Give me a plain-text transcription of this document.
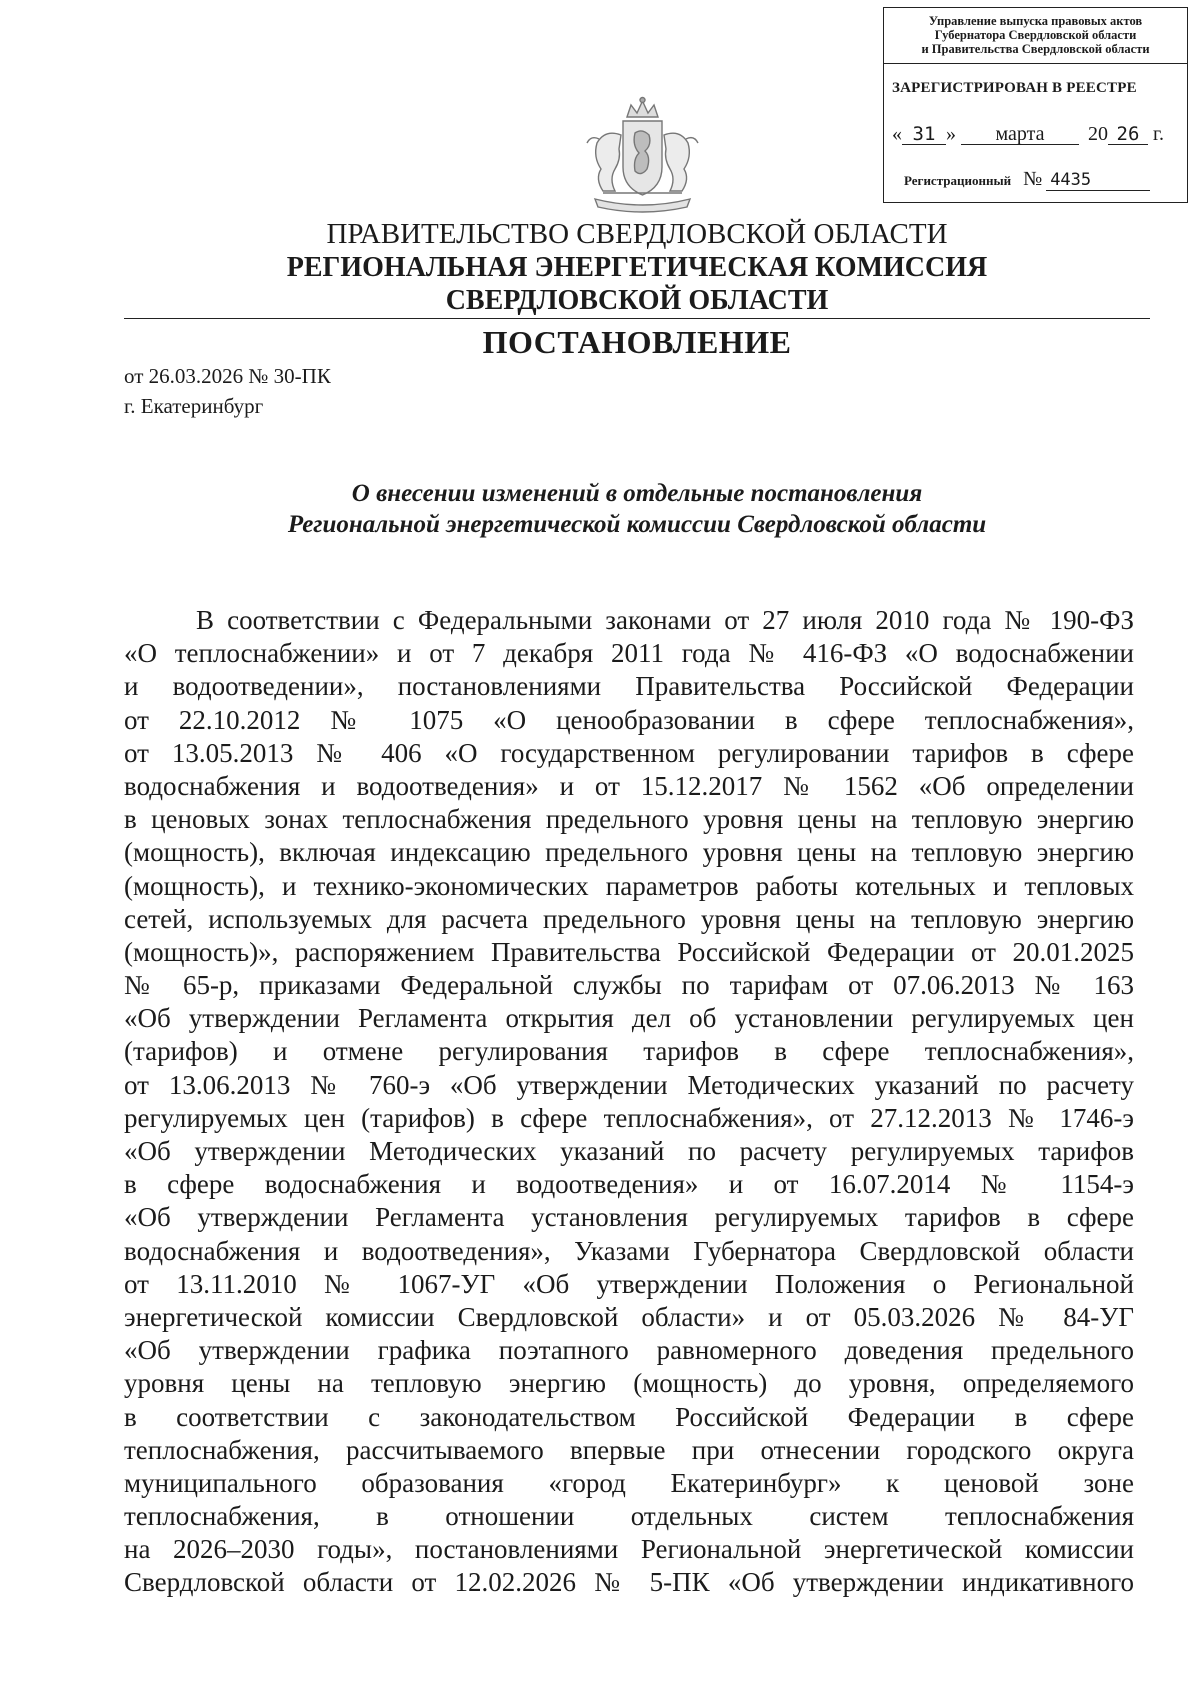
Управление выпуска правовых актов
Губернатора Свердловской области
и Правительства Свердловской области
ЗАРЕГИСТРИРОВАН В РЕЕСТРЕ
« 31 » марта 20 26 г.
Регистрационный № 4435
ПРАВИТЕЛЬСТВО СВЕРДЛОВСКОЙ ОБЛАСТИ
РЕГИОНАЛЬНАЯ ЭНЕРГЕТИЧЕСКАЯ КОМИССИЯ
СВЕРДЛОВСКОЙ ОБЛАСТИ
ПОСТАНОВЛЕНИЕ
от 26.03.2026 № 30-ПК
г. Екатеринбург
О внесении изменений в отдельные постановления
Региональной энергетической комиссии Свердловской области
В соответствии с Федеральными законами от 27 июля 2010 года № 190-ФЗ
«О теплоснабжении» и от 7 декабря 2011 года № 416-ФЗ «О водоснабжении
и водоотведении», постановлениями Правительства Российской Федерации
от 22.10.2012 № 1075 «О ценообразовании в сфере теплоснабжения»,
от 13.05.2013 № 406 «О государственном регулировании тарифов в сфере
водоснабжения и водоотведения» и от 15.12.2017 № 1562 «Об определении
в ценовых зонах теплоснабжения предельного уровня цены на тепловую энергию
(мощность), включая индексацию предельного уровня цены на тепловую энергию
(мощность), и технико-экономических параметров работы котельных и тепловых
сетей, используемых для расчета предельного уровня цены на тепловую энергию
(мощность)», распоряжением Правительства Российской Федерации от 20.01.2025
№ 65-р, приказами Федеральной службы по тарифам от 07.06.2013 № 163
«Об утверждении Регламента открытия дел об установлении регулируемых цен
(тарифов) и отмене регулирования тарифов в сфере теплоснабжения»,
от 13.06.2013 № 760-э «Об утверждении Методических указаний по расчету
регулируемых цен (тарифов) в сфере теплоснабжения», от 27.12.2013 № 1746-э
«Об утверждении Методических указаний по расчету регулируемых тарифов
в сфере водоснабжения и водоотведения» и от 16.07.2014 № 1154-э
«Об утверждении Регламента установления регулируемых тарифов в сфере
водоснабжения и водоотведения», Указами Губернатора Свердловской области
от 13.11.2010 № 1067-УГ «Об утверждении Положения о Региональной
энергетической комиссии Свердловской области» и от 05.03.2026 № 84-УГ
«Об утверждении графика поэтапного равномерного доведения предельного
уровня цены на тепловую энергию (мощность) до уровня, определяемого
в соответствии с законодательством Российской Федерации в сфере
теплоснабжения, рассчитываемого впервые при отнесении городского округа
муниципального образования «город Екатеринбург» к ценовой зоне
теплоснабжения, в отношении отдельных систем теплоснабжения
на 2026–2030 годы», постановлениями Региональной энергетической комиссии
Свердловской области от 12.02.2026 № 5-ПК «Об утверждении индикативного
